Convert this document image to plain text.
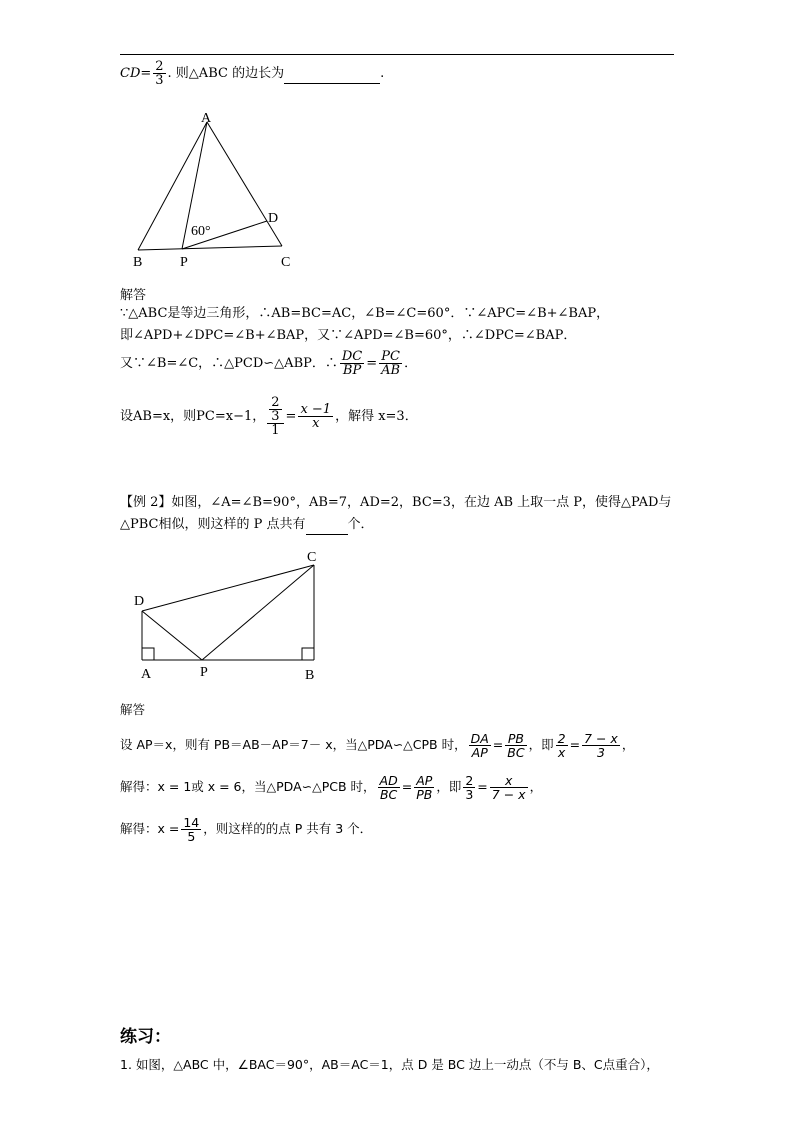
$CD= \frac{2}{3}$ . 则△ABC 的边长为	.
A
B	P	C
D
60°
解答
∵△ABC是等边三角形，∴AB=BC=AC，∠B=∠C=60°．∵∠APC=∠B+∠BAP，
即∠APD+∠DPC=∠B+∠BAP，又∵∠APD=∠B=60°，∴∠DPC=∠BAP．
又∵∠B=∠C，∴△PCD∽△ABP．∴ $\frac{DC}{BP} = \frac{PC}{AB}$ ．
设AB=x，则PC=x−1， $\frac{\frac{2}{3}}{1} = \frac{x -1}{x}$ ，解得 x=3．
【例 2】如图，∠A=∠B=90°，AB=7，AD=2，BC=3，在边 AB 上取一点 P，使得△PAD与
△PBC相似，则这样的 P 点共有	个．
C
D
A	P	B
解答
设 AP＝x，则有 PB＝AB－AP＝7－ x，当△PDA∽△CPB 时， $\frac{DA}{AP} = \frac{PB}{BC}$ ，即 $\frac{2}{x} = \frac{7 - x}{3}$ ，
解得：x = 1或 x = 6，当△PDA∽△PCB 时， $\frac{AD}{BC} = \frac{AP}{PB}$ ，即 $\frac{2}{3} = \frac{x}{7 - x}$ ，
解得：$x = \frac{14}{5}$ ，则这样的的点 P 共有 3 个．
练习：
1. 如图，△ABC 中，∠BAC＝90°，AB＝AC＝1，点 D 是 BC 边上一动点（不与 B、C点重合），
